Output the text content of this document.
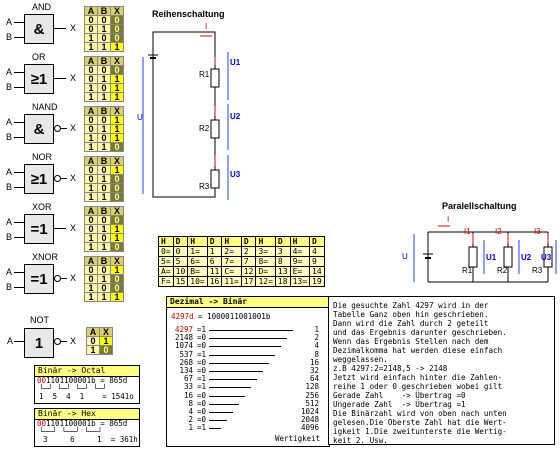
AND
A
B	&	X
A	B	X
0	0	0
0	1	0
1	0	0
1	1	1
OR
A
B	≥1	X
A	B	X
0	0	0
0	1	1
1	0	1
1	1	1
NAND
A
B	&	X
A	B	X
0	0	1
0	1	1
1	0	1
1	1	0
NOR
A
B	≥1	X
A	B	X
0	0	1
0	1	0
1	0	0
1	1	0
XOR
A
B	=1	X
A	B	X
0	0	0
0	1	1
1	0	1
1	1	0
XNOR
A
B	=1	X
A	B	X
0	0	1
0	1	0
1	0	0
1	1	1
NOT
A	1	X
A	X
0	1
1	0
Binär -> Octal
001101100001b = 865d
└─┘ └─┘ └─┘ └─┘
1  5  4  1 = 1541o
Binär -> Hex
001101100001b = 865d
└──┘ └──┘ └──┘
3     6     1 = 361h
Reihenschaltung
U
I
R1
U1
R2
U2
R3
U3
Paralellschaltung
U
I
I1	I2	I3
R1
U1
R2
U2
R3
U3
H	D	H	D	H	D	H	D	H	D
0=	0	1=	1	2=	2	3=	3	4=	4
5=	5	6=	6	7=	7	8=	8	9=	9
A=	10	B=	11	C=	12	D=	13	E=	14
F=	15	10=	16	11=	17	12=	18	13=	19
Dezimal -> Binär
4297d = 1000011001001b
4297 =1	1
2148 =0	2
1074 =0	4
537 =1	8
268 =0	16
134 =0	32
67 =1	64
33 =1	128
16 =0	256
8 =0	512
4 =0	1024
2 =0	2048
1 =1	4096
Wertigkeit
Die gesuchte Zahl 4297 wird in der
Tabelle Ganz oben hin geschrieben.
Dann wird die Zahl durch 2 geteilt
und das Ergebnis darunter geschrieben.
Wenn das Ergebnis Stellen nach dem
Dezimalkomma hat werden diese einfach
weggelassen.
z.B 4297:2=2148,5 -> 2148
Jetzt wird einfach hinter die Zahlen-
reihe 1 oder 0 geschrieben wobei gilt
Gerade Zahl    -> Übertrag =0
Ungerade Zahl  -> Übertrag =1
Die Binärzahl wird von oben nach unten
gelesen.Die Oberste Zahl hat die Wert-
igkeit 1.Die zweitunterste die Wertig-
keit 2. Usw.
